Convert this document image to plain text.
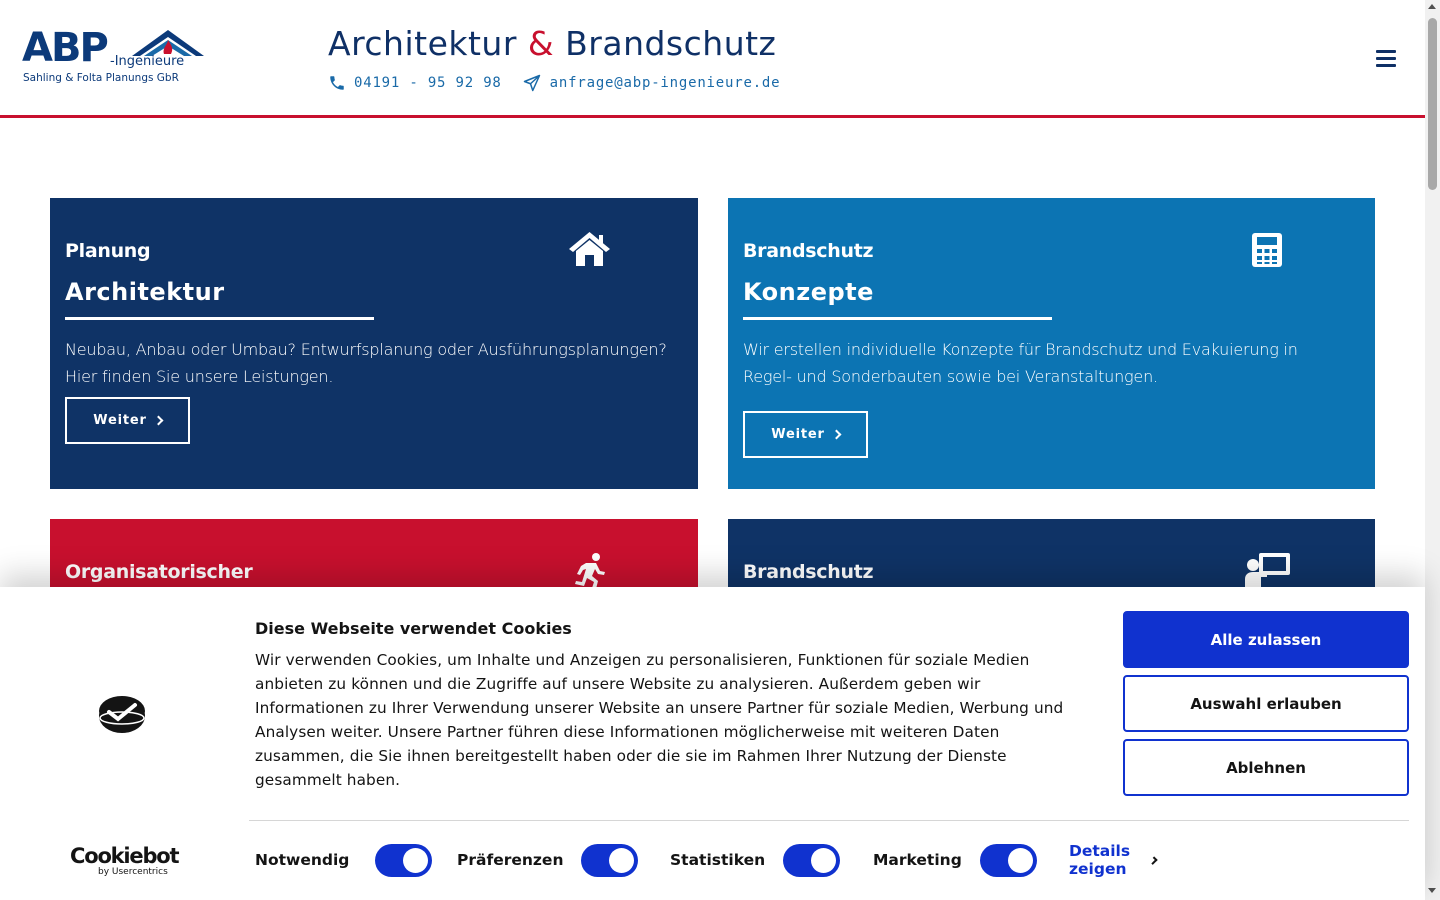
ABP -Ingenieure
Sahling & Folta Planungs GbR
Architektur & Brandschutz
04191 - 95 92 98	anfrage@abp-ingenieure.de
Planung
Architektur

Neubau, Anbau oder Umbau? Entwurfsplanung oder Ausführungsplanungen? Hier finden Sie unsere Leistungen.

Weiter
Brandschutz
Konzepte

Wir erstellen individuelle Konzepte für Brandschutz und Evakuierung in Regel- und Sonderbauten sowie bei Veranstaltungen.

Weiter
Organisatorischer	Brandschutz
Diese Webseite verwendet Cookies

Wir verwenden Cookies, um Inhalte und Anzeigen zu personalisieren, Funktionen für soziale Medien anbieten zu können und die Zugriffe auf unsere Website zu analysieren. Außerdem geben wir Informationen zu Ihrer Verwendung unserer Website an unsere Partner für soziale Medien, Werbung und Analysen weiter. Unsere Partner führen diese Informationen möglicherweise mit weiteren Daten zusammen, die Sie ihnen bereitgestellt haben oder die sie im Rahmen Ihrer Nutzung der Dienste gesammelt haben.

Alle zulassen
Auswahl erlauben
Ablehnen
Notwendig	Präferenzen	Statistiken	Marketing	Details zeigen
Cookiebot
by Usercentrics
